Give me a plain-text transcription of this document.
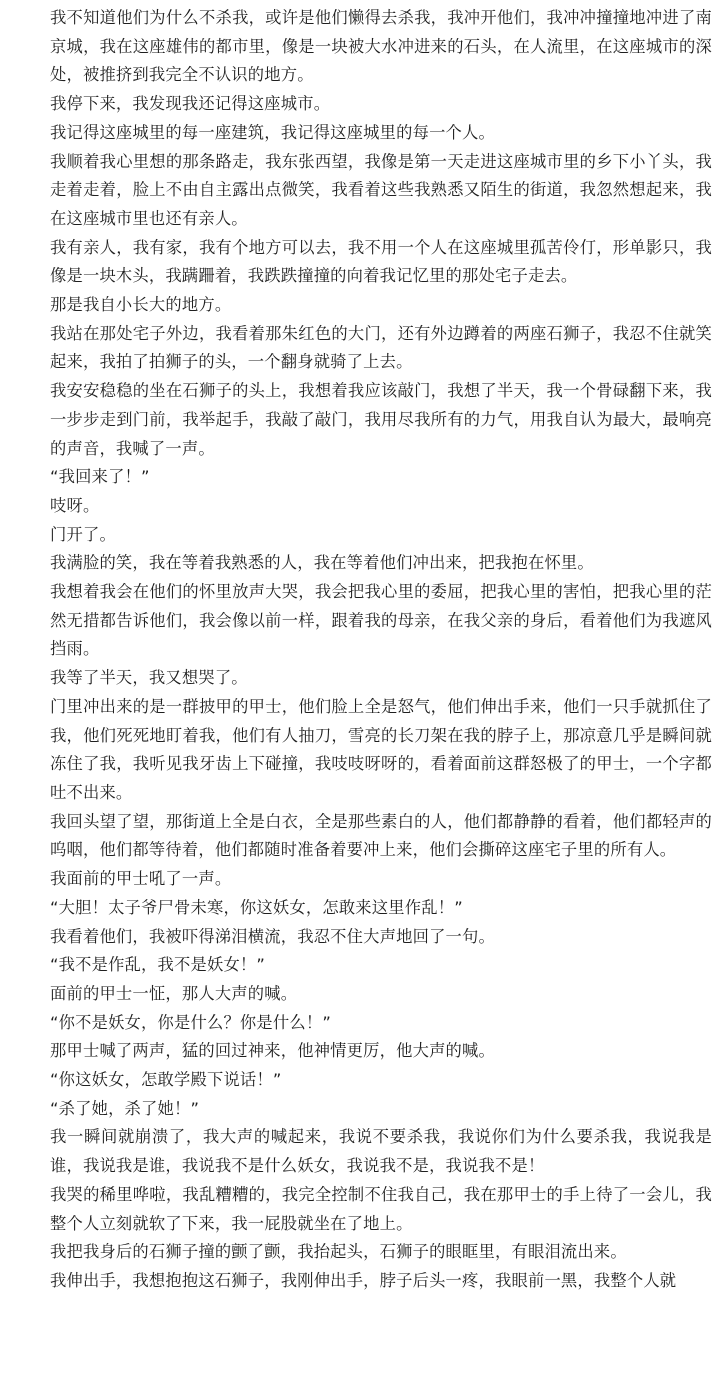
我不知道他们为什么不杀我，或许是他们懒得去杀我，我冲开他们，我冲冲撞撞地冲进了南京城，我在这座雄伟的都市里，像是一块被大水冲进来的石头，在人流里，在这座城市的深处，被推挤到我完全不认识的地方。

我停下来，我发现我还记得这座城市。

我记得这座城里的每一座建筑，我记得这座城里的每一个人。

我顺着我心里想的那条路走，我东张西望，我像是第一天走进这座城市里的乡下小丫头，我走着走着，脸上不由自主露出点微笑，我看着这些我熟悉又陌生的街道，我忽然想起来，我在这座城市里也还有亲人。

我有亲人，我有家，我有个地方可以去，我不用一个人在这座城里孤苦伶仃，形单影只，我像是一块木头，我蹒跚着，我跌跌撞撞的向着我记忆里的那处宅子走去。

那是我自小长大的地方。

我站在那处宅子外边，我看着那朱红色的大门，还有外边蹲着的两座石狮子，我忍不住就笑起来，我拍了拍狮子的头，一个翻身就骑了上去。

我安安稳稳的坐在石狮子的头上，我想着我应该敲门，我想了半天，我一个骨碌翻下来，我一步步走到门前，我举起手，我敲了敲门，我用尽我所有的力气，用我自认为最大，最响亮的声音，我喊了一声。

“我回来了！”

吱呀。

门开了。

我满脸的笑，我在等着我熟悉的人，我在等着他们冲出来，把我抱在怀里。

我想着我会在他们的怀里放声大哭，我会把我心里的委屈，把我心里的害怕，把我心里的茫然无措都告诉他们，我会像以前一样，跟着我的母亲，在我父亲的身后，看着他们为我遮风挡雨。

我等了半天，我又想哭了。

门里冲出来的是一群披甲的甲士，他们脸上全是怒气，他们伸出手来，他们一只手就抓住了我，他们死死地盯着我，他们有人抽刀，雪亮的长刀架在我的脖子上，那凉意几乎是瞬间就冻住了我，我听见我牙齿上下碰撞，我吱吱呀呀的，看着面前这群怒极了的甲士，一个字都吐不出来。

我回头望了望，那街道上全是白衣，全是那些素白的人，他们都静静的看着，他们都轻声的呜咽，他们都等待着，他们都随时准备着要冲上来，他们会撕碎这座宅子里的所有人。

我面前的甲士吼了一声。

“大胆！太子爷尸骨未寒，你这妖女，怎敢来这里作乱！”

我看着他们，我被吓得涕泪横流，我忍不住大声地回了一句。

“我不是作乱，我不是妖女！”

面前的甲士一怔，那人大声的喊。

“你不是妖女，你是什么？你是什么！”

那甲士喊了两声，猛的回过神来，他神情更厉，他大声的喊。

“你这妖女，怎敢学殿下说话！”

“杀了她，杀了她！”

我一瞬间就崩溃了，我大声的喊起来，我说不要杀我，我说你们为什么要杀我，我说我是谁，我说我是谁，我说我不是什么妖女，我说我不是，我说我不是！

我哭的稀里哗啦，我乱糟糟的，我完全控制不住我自己，我在那甲士的手上待了一会儿，我整个人立刻就软了下来，我一屁股就坐在了地上。

我把我身后的石狮子撞的颤了颤，我抬起头，石狮子的眼眶里，有眼泪流出来。

我伸出手，我想抱抱这石狮子，我刚伸出手，脖子后头一疼，我眼前一黑，我整个人就
